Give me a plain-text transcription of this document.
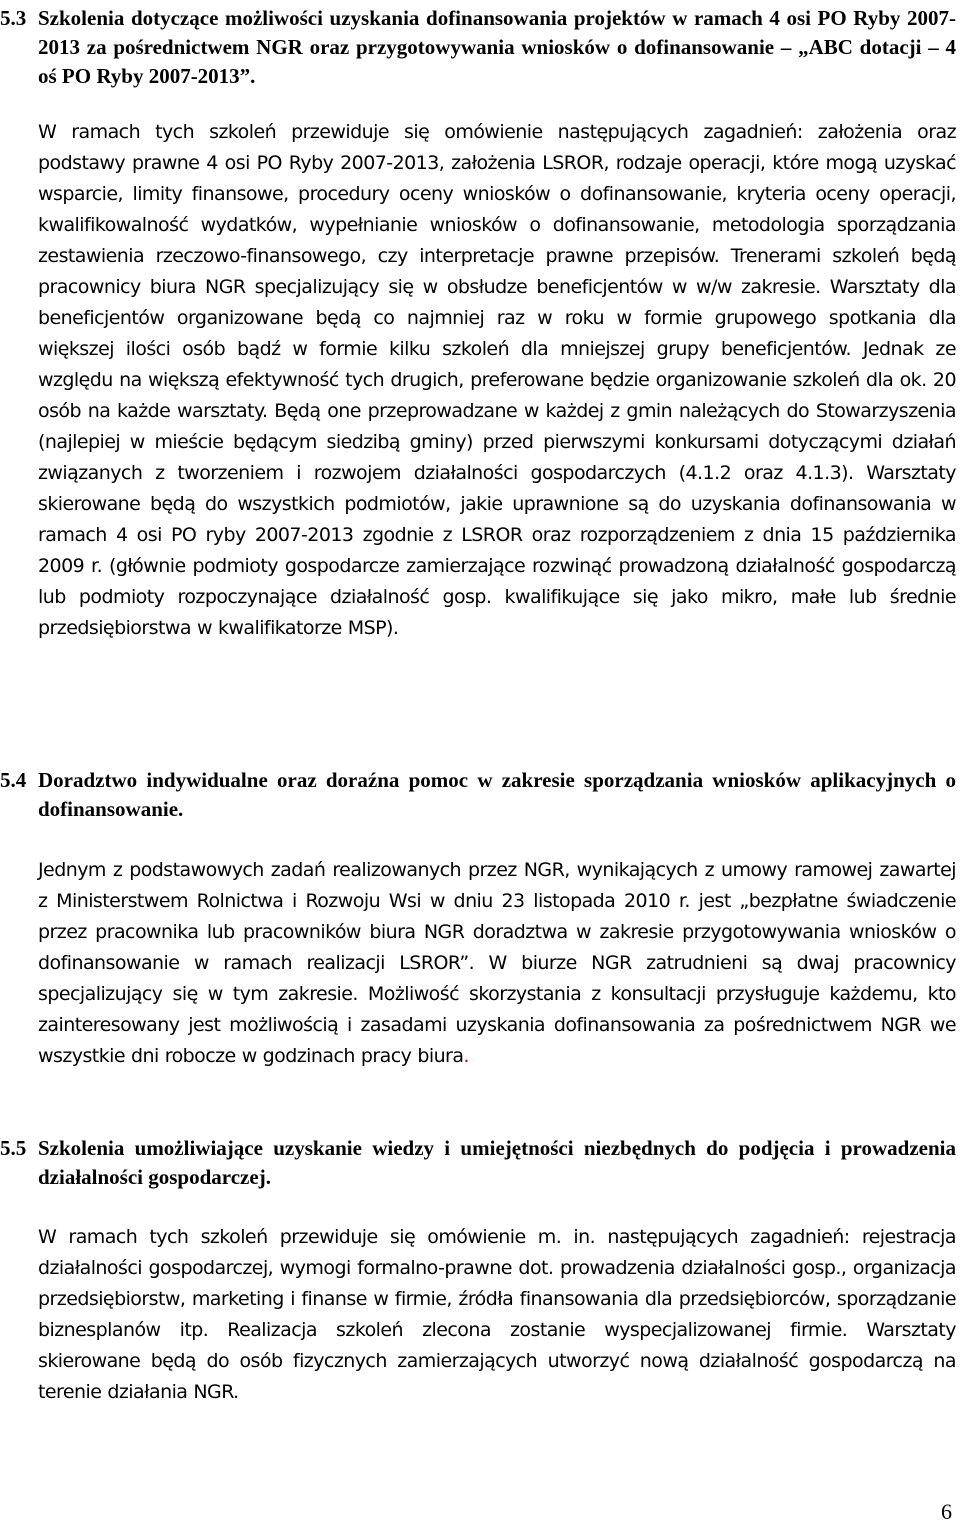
5.3 Szkolenia dotyczące możliwości uzyskania dofinansowania projektów w ramach 4 osi PO Ryby 2007-2013 za pośrednictwem NGR oraz przygotowywania wniosków o dofinansowanie – „ABC dotacji – 4 oś PO Ryby 2007-2013”.
W ramach tych szkoleń przewiduje się omówienie następujących zagadnień: założenia oraz podstawy prawne 4 osi PO Ryby 2007-2013, założenia LSROR, rodzaje operacji, które mogą uzyskać wsparcie, limity finansowe, procedury oceny wniosków o dofinansowanie, kryteria oceny operacji, kwalifikowalność wydatków, wypełnianie wniosków o dofinansowanie, metodologia sporządzania zestawienia rzeczowo-finansowego, czy interpretacje prawne przepisów. Trenerami szkoleń będą pracownicy biura NGR specjalizujący się w obsłudze beneficjentów w w/w zakresie. Warsztaty dla beneficjentów organizowane będą co najmniej raz w roku w formie grupowego spotkania dla większej ilości osób bądź w formie kilku szkoleń dla mniejszej grupy beneficjentów. Jednak ze względu na większą efektywność tych drugich, preferowane będzie organizowanie szkoleń dla ok. 20 osób na każde warsztaty. Będą one przeprowadzane w każdej z gmin należących do Stowarzyszenia (najlepiej w mieście będącym siedzibą gminy) przed pierwszymi konkursami dotyczącymi działań związanych z tworzeniem i rozwojem działalności gospodarczych (4.1.2 oraz 4.1.3). Warsztaty skierowane będą do wszystkich podmiotów, jakie uprawnione są do uzyskania dofinansowania w ramach 4 osi PO ryby 2007-2013 zgodnie z LSROR oraz rozporządzeniem z dnia 15 października 2009 r. (głównie podmioty gospodarcze zamierzające rozwinąć prowadzoną działalność gospodarczą lub podmioty rozpoczynające działalność gosp. kwalifikujące się jako mikro, małe lub średnie przedsiębiorstwa w kwalifikatorze MSP).
5.4 Doradztwo indywidualne oraz doraźna pomoc w zakresie sporządzania wniosków aplikacyjnych o dofinansowanie.
Jednym z podstawowych zadań realizowanych przez NGR, wynikających z umowy ramowej zawartej z Ministerstwem Rolnictwa i Rozwoju Wsi w dniu 23 listopada 2010 r. jest „bezpłatne świadczenie przez pracownika lub pracowników biura NGR doradztwa w zakresie przygotowywania wniosków o dofinansowanie w ramach realizacji LSROR”. W biurze NGR zatrudnieni są dwaj pracownicy specjalizujący się w tym zakresie. Możliwość skorzystania z konsultacji przysługuje każdemu, kto zainteresowany jest możliwością i zasadami uzyskania dofinansowania za pośrednictwem NGR we wszystkie dni robocze w godzinach pracy biura.
5.5 Szkolenia umożliwiające uzyskanie wiedzy i umiejętności niezbędnych do podjęcia i prowadzenia działalności gospodarczej.
W ramach tych szkoleń przewiduje się omówienie m. in. następujących zagadnień: rejestracja działalności gospodarczej, wymogi formalno-prawne dot. prowadzenia działalności gosp., organizacja przedsiębiorstw, marketing i finanse w firmie, źródła finansowania dla przedsiębiorców, sporządzanie biznesplanów itp. Realizacja szkoleń zlecona zostanie wyspecjalizowanej firmie. Warsztaty skierowane będą do osób fizycznych zamierzających utworzyć nową działalność gospodarczą na terenie działania NGR.
6
